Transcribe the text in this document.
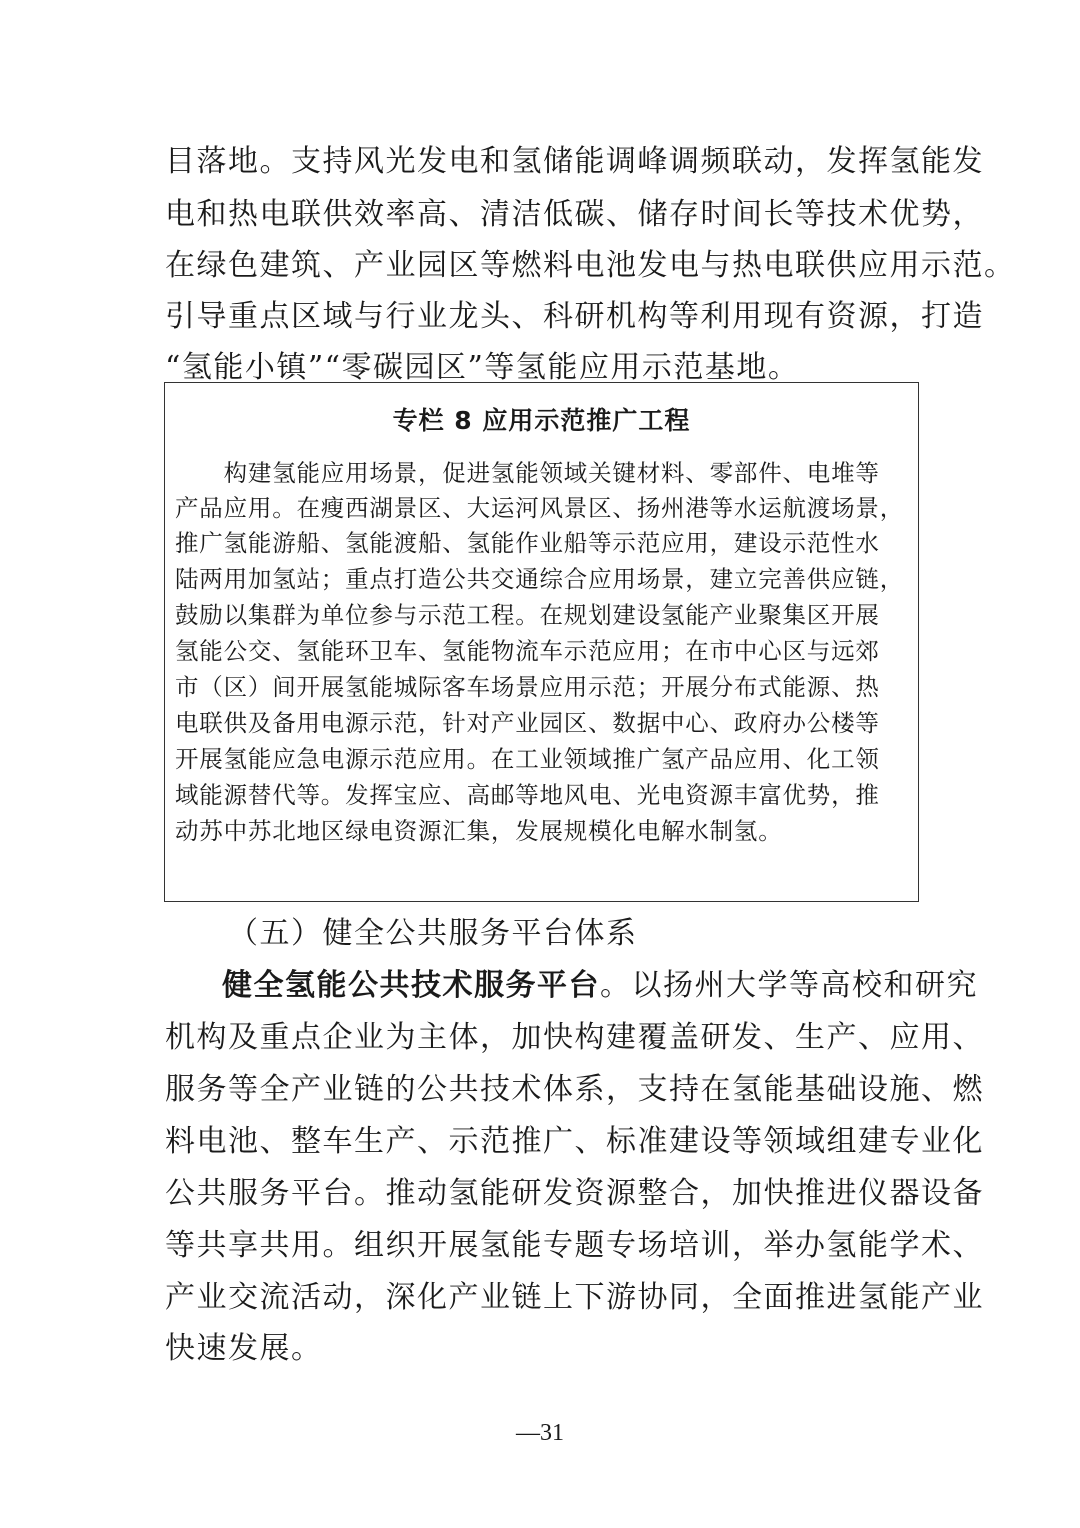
目落地。支持风光发电和氢储能调峰调频联动，发挥氢能发
电和热电联供效率高、清洁低碳、储存时间长等技术优势，
在绿色建筑、产业园区等燃料电池发电与热电联供应用示范。
引导重点区域与行业龙头、科研机构等利用现有资源，打造
“氢能小镇”“零碳园区”等氢能应用示范基地。
专栏 8 应用示范推广工程
　　构建氢能应用场景，促进氢能领域关键材料、零部件、电堆等
产品应用。在瘦西湖景区、大运河风景区、扬州港等水运航渡场景，
推广氢能游船、氢能渡船、氢能作业船等示范应用，建设示范性水
陆两用加氢站；重点打造公共交通综合应用场景，建立完善供应链，
鼓励以集群为单位参与示范工程。在规划建设氢能产业聚集区开展
氢能公交、氢能环卫车、氢能物流车示范应用；在市中心区与远郊
市（区）间开展氢能城际客车场景应用示范；开展分布式能源、热
电联供及备用电源示范，针对产业园区、数据中心、政府办公楼等
开展氢能应急电源示范应用。在工业领域推广氢产品应用、化工领
域能源替代等。发挥宝应、高邮等地风电、光电资源丰富优势，推
动苏中苏北地区绿电资源汇集，发展规模化电解水制氢。
（五）健全公共服务平台体系
健全氢能公共技术服务平台。以扬州大学等高校和研究
机构及重点企业为主体，加快构建覆盖研发、生产、应用、
服务等全产业链的公共技术体系，支持在氢能基础设施、燃
料电池、整车生产、示范推广、标准建设等领域组建专业化
公共服务平台。推动氢能研发资源整合，加快推进仪器设备
等共享共用。组织开展氢能专题专场培训，举办氢能学术、
产业交流活动，深化产业链上下游协同，全面推进氢能产业
快速发展。
—31
